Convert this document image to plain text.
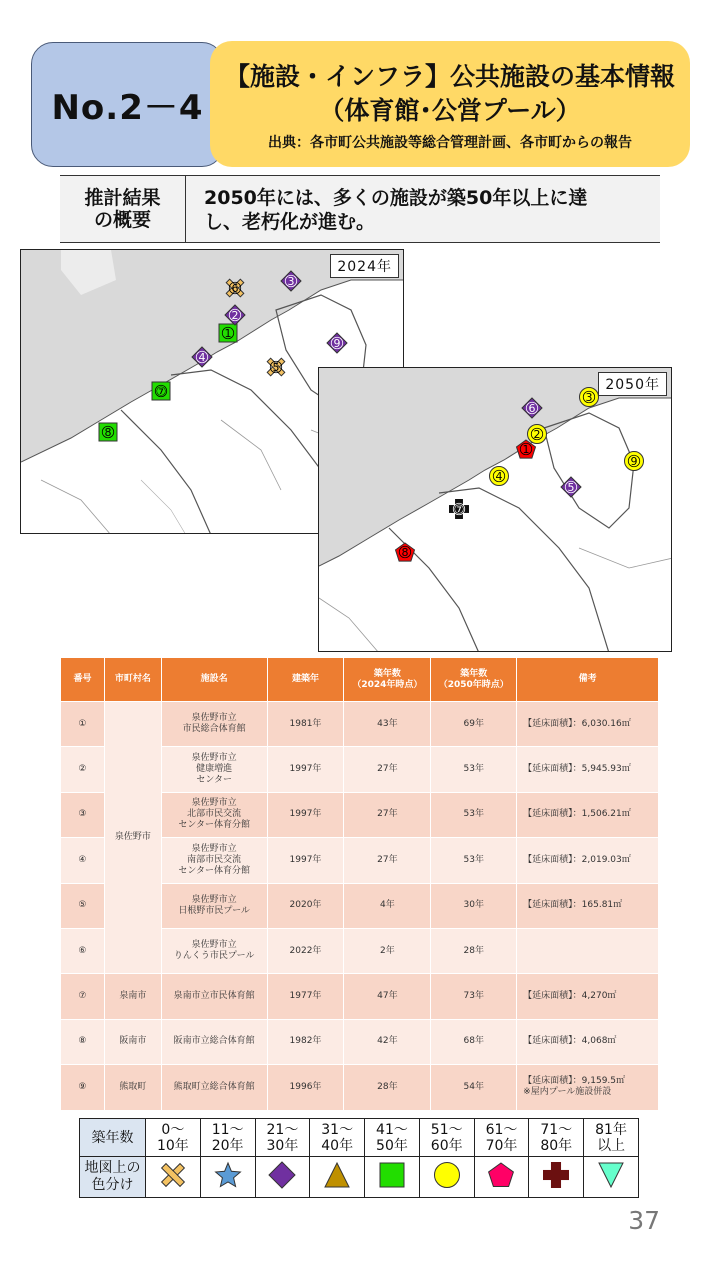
No.2－4
【施設・インフラ】公共施設の基本情報
（体育館･公営プール）
出典：各市町公共施設等総合管理計画、各市町からの報告
推計結果
の概要
2050年には、多くの施設が築50年以上に達
し、老朽化が進む。
1
2
3
4
5
6
⑦
8
9
2024年
1
2
3
4
5
6
⑦
8
9
2050年
番号	市町村名	施設名	建築年	築年数
（2024年時点）	築年数
（2050年時点）	備考
①	泉佐野市	泉佐野市立
市民総合体育館	1981年	43年	69年	【延床面積】：6,030.16㎡
②		泉佐野市立
健康増進
センター	1997年	27年	53年	【延床面積】：5,945.93㎡
③		泉佐野市立
北部市民交流
センター体育分館	1997年	27年	53年	【延床面積】：1,506.21㎡
④		泉佐野市立
南部市民交流
センター体育分館	1997年	27年	53年	【延床面積】：2,019.03㎡
⑤		泉佐野市立
日根野市民プール	2020年	4年	30年	【延床面積】：165.81㎡
⑥		泉佐野市立
りんくう市民プール	2022年	2年	28年	
⑦	泉南市	泉南市立市民体育館	1977年	47年	73年	【延床面積】：4,270㎡
⑧	阪南市	阪南市立総合体育館	1982年	42年	68年	【延床面積】：4,068㎡
⑨	熊取町	熊取町立総合体育館	1996年	28年	54年	【延床面積】：9,159.5㎡
※屋内プール施設併設
築年数	0～
10年	11～
20年	21～
30年	31～
40年	41～
50年	51～
60年	61～
70年	71～
80年	81年
以上
地図上の
色分け									
37
